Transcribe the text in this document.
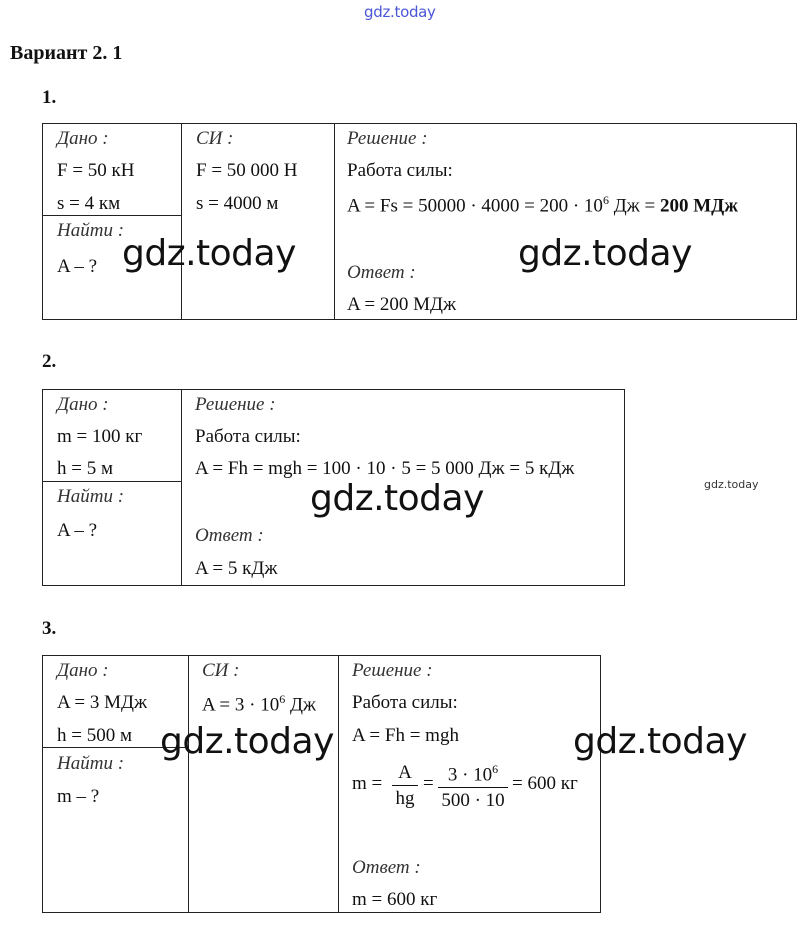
gdz.today
Вариант 2. 1
1.
Дано :
F = 50 кН
s = 4 км
Найти :
A – ?
СИ :
F = 50 000 Н
s = 4000 м
Решение :
Работа силы:
$A = Fs = 50000 \cdot 4000 = 200 \cdot 10^6$ Дж = 200 МДж
Ответ :
A = 200 МДж
gdz.today	gdz.today
2.
Дано :
m = 100 кг
h = 5 м
Найти :
A – ?
Решение :
Работа силы:
A = Fh = mgh = 100 · 10 · 5 = 5 000 Дж = 5 кДж
Ответ :
A = 5 кДж
gdz.today	gdz.today
3.
Дано :
A = 3 МДж
h = 500 м
Найти :
m – ?
СИ :
$A = 3 \cdot 10^6$ Дж
Решение :
Работа силы:
A = Fh = mgh
m =
A
hg
= $3 \cdot 10^6$
500 · 10
= 600 кг
Ответ :
m = 600 кг
gdz.today	gdz.today
